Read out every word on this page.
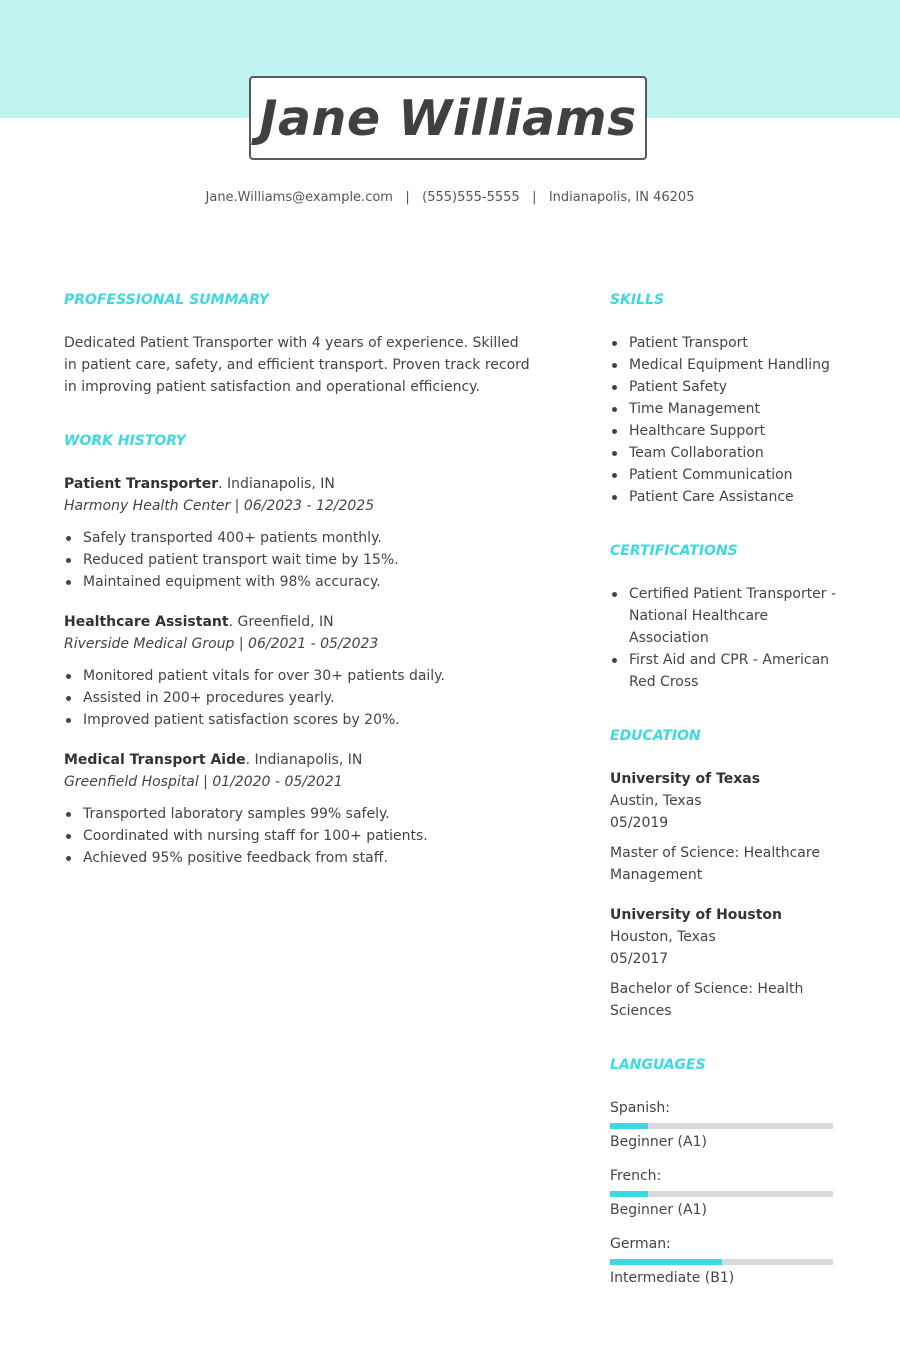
Jane Williams
Jane.Williams@example.com   |   (555)555-5555   |   Indianapolis, IN 46205
PROFESSIONAL SUMMARY

Dedicated Patient Transporter with 4 years of experience. Skilled in patient care, safety, and efficient transport. Proven track record in improving patient satisfaction and operational efficiency.

WORK HISTORY
Patient Transporter. Indianapolis, IN
Harmony Health Center | 06/2023 - 12/2025
Safely transported 400+ patients monthly.
Reduced patient transport wait time by 15%.
Maintained equipment with 98% accuracy.
Healthcare Assistant. Greenfield, IN
Riverside Medical Group | 06/2021 - 05/2023
Monitored patient vitals for over 30+ patients daily.
Assisted in 200+ procedures yearly.
Improved patient satisfaction scores by 20%.
Medical Transport Aide. Indianapolis, IN
Greenfield Hospital | 01/2020 - 05/2021
Transported laboratory samples 99% safely.
Coordinated with nursing staff for 100+ patients.
Achieved 95% positive feedback from staff.
SKILLS
Patient Transport
Medical Equipment Handling
Patient Safety
Time Management
Healthcare Support
Team Collaboration
Patient Communication
Patient Care Assistance
CERTIFICATIONS
Certified Patient Transporter - National Healthcare Association
First Aid and CPR - American Red Cross
EDUCATION
University of Texas
Austin, Texas
05/2019
Master of Science: Healthcare Management
University of Houston
Houston, Texas
05/2017
Bachelor of Science: Health Sciences
LANGUAGES
Spanish:
Beginner (A1)
French:
Beginner (A1)
German:
Intermediate (B1)
